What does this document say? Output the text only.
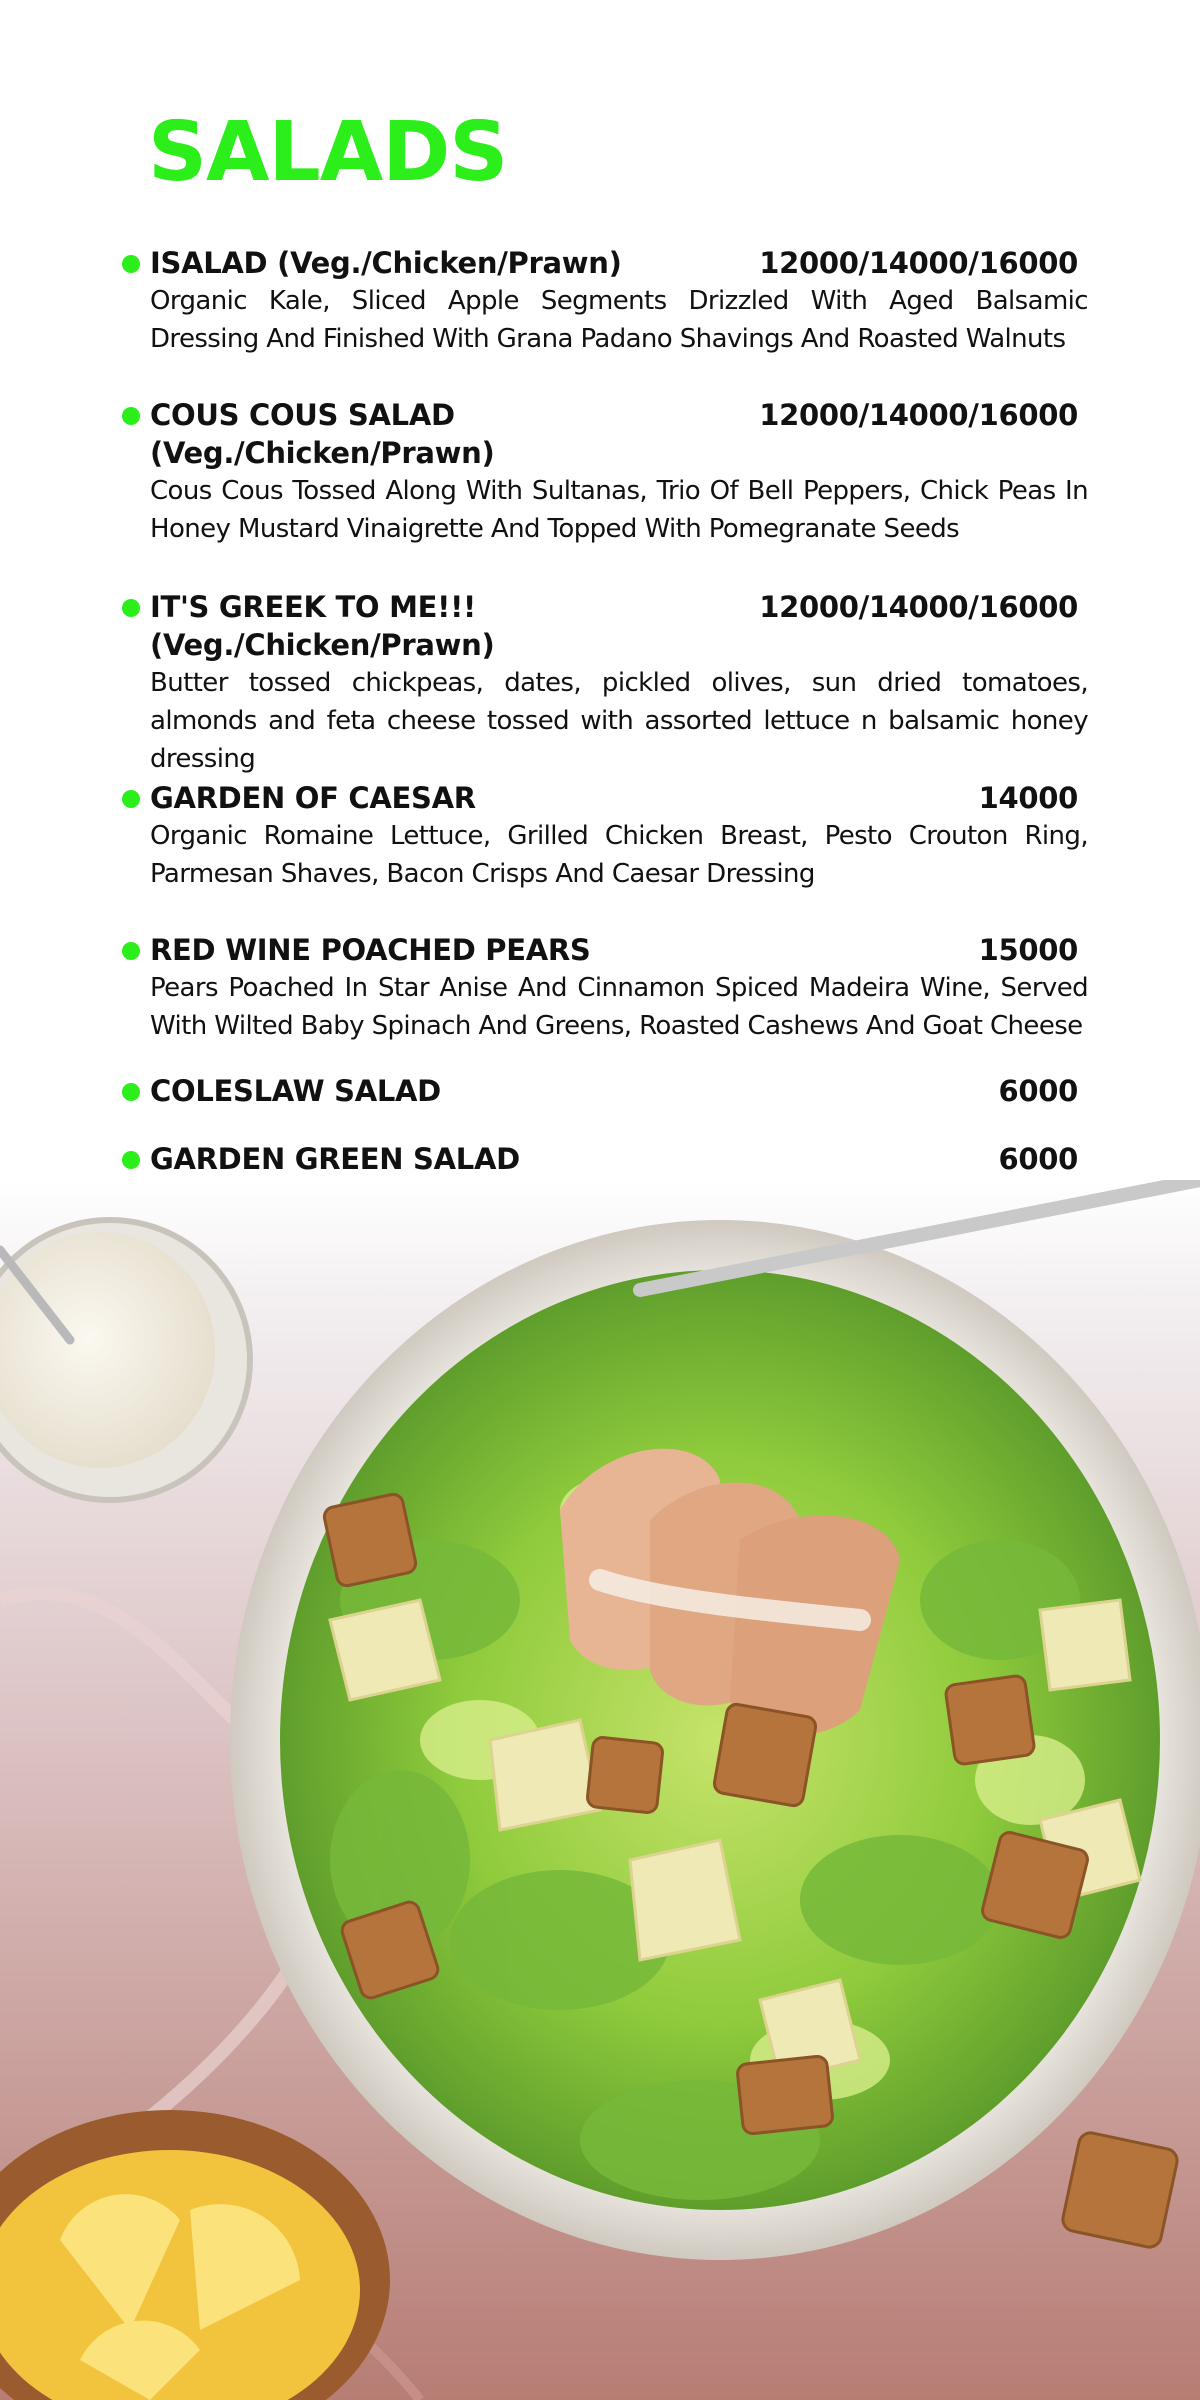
SALADS
ISALAD (Veg./Chicken/Prawn)	12000/14000/16000

Organic Kale, Sliced Apple Segments Drizzled With Aged Balsamic Dressing And Finished With Grana Padano Shavings And Roasted Walnuts

COUS COUS SALAD
(Veg./Chicken/Prawn)
12000/14000/16000

Cous Cous Tossed Along With Sultanas, Trio Of Bell Peppers, Chick Peas In Honey Mustard Vinaigrette And Topped With Pomegranate Seeds

IT'S GREEK TO ME!!!
(Veg./Chicken/Prawn)
12000/14000/16000

Butter tossed chickpeas, dates, pickled olives, sun dried tomatoes, almonds and feta cheese tossed with assorted lettuce n balsamic honey dressing

GARDEN OF CAESAR	14000

Organic Romaine Lettuce, Grilled Chicken Breast, Pesto Crouton Ring, Parmesan Shaves, Bacon Crisps And Caesar Dressing

RED WINE POACHED PEARS	15000

Pears Poached In Star Anise And Cinnamon Spiced Madeira Wine, Served With Wilted Baby Spinach And Greens, Roasted Cashews And Goat Cheese

COLESLAW SALAD	6000
GARDEN GREEN SALAD	6000
